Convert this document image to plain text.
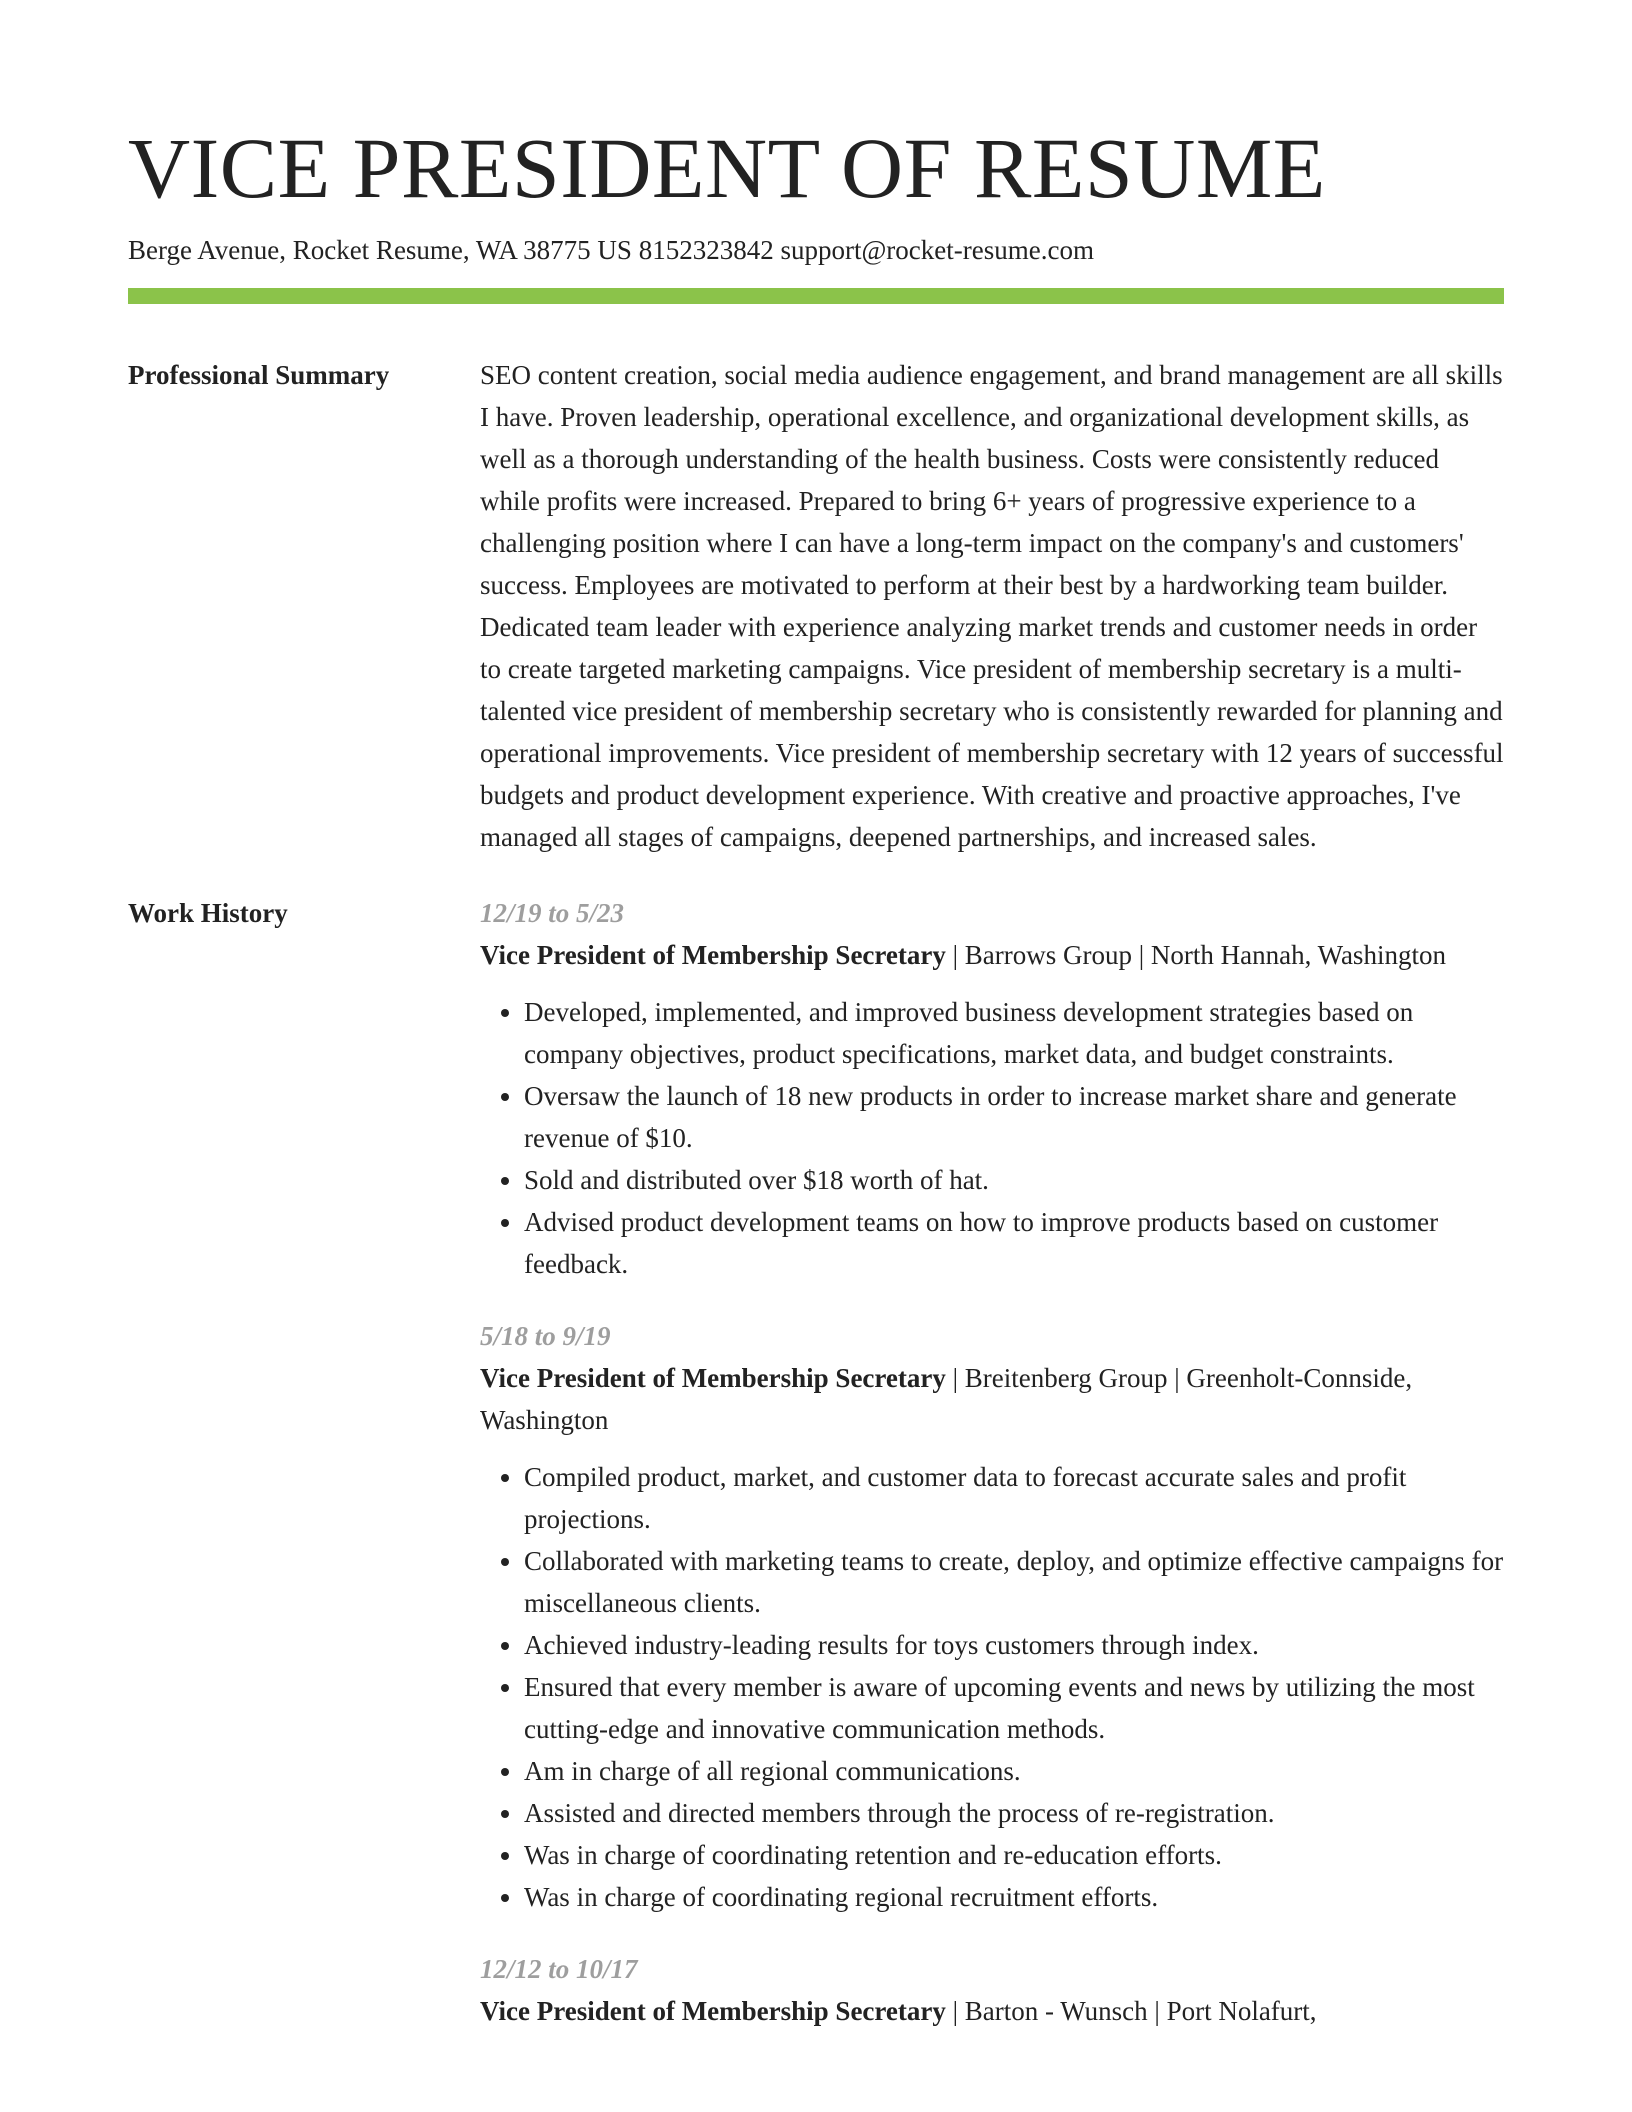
VICE PRESIDENT OF RESUME
Berge Avenue, Rocket Resume, WA 38775 US 8152323842 support@rocket-resume.com
Professional Summary	SEO content creation, social media audience engagement, and brand management are all skills I have. Proven leadership, operational excellence, and organizational development skills, as well as a thorough understanding of the health business. Costs were consistently reduced while profits were increased. Prepared to bring 6+ years of progressive experience to a challenging position where I can have a long-term impact on the company's and customers' success. Employees are motivated to perform at their best by a hardworking team builder. Dedicated team leader with experience analyzing market trends and customer needs in order to create targeted marketing campaigns. Vice president of membership secretary is a multi-talented vice president of membership secretary who is consistently rewarded for planning and operational improvements. Vice president of membership secretary with 12 years of successful budgets and product development experience. With creative and proactive approaches, I've managed all stages of campaigns, deepened partnerships, and increased sales.

Work History	12/19 to 5/23
Vice President of Membership Secretary | Barrows Group | North Hannah, Washington
• Developed, implemented, and improved business development strategies based on company objectives, product specifications, market data, and budget constraints.
• Oversaw the launch of 18 new products in order to increase market share and generate revenue of $10.
• Sold and distributed over $18 worth of hat.
• Advised product development teams on how to improve products based on customer feedback.
5/18 to 9/19
Vice President of Membership Secretary | Breitenberg Group | Greenholt-Connside, Washington
• Compiled product, market, and customer data to forecast accurate sales and profit projections.
• Collaborated with marketing teams to create, deploy, and optimize effective campaigns for miscellaneous clients.
• Achieved industry-leading results for toys customers through index.
• Ensured that every member is aware of upcoming events and news by utilizing the most cutting-edge and innovative communication methods.
• Am in charge of all regional communications.
• Assisted and directed members through the process of re-registration.
• Was in charge of coordinating retention and re-education efforts.
• Was in charge of coordinating regional recruitment efforts.
12/12 to 10/17
Vice President of Membership Secretary | Barton - Wunsch | Port Nolafurt,
